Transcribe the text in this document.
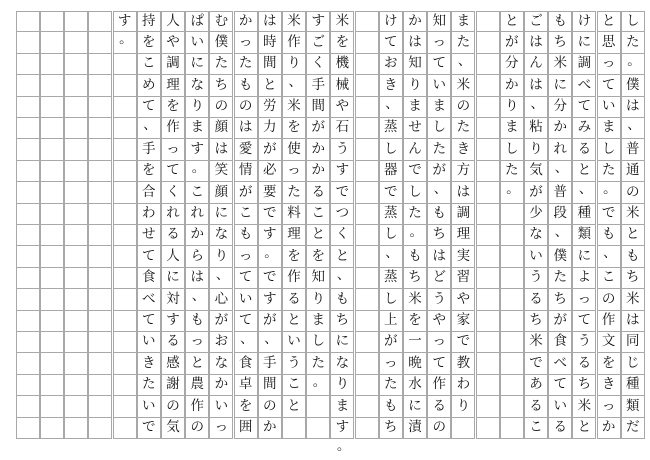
し
た
。
僕
は
、
普
通
の
米
と
も
ち
米
は
同
じ
種
類
だ
と
思
っ
て
い
ま
し
た
。
で
も
、
こ
の
作
文
を
き
っ
か
け
に
調
べ
て
み
る
と
、
種
類
に
よ
っ
て
う
る
ち
米
と
も
ち
米
に
分
か
れ
、
普
段
、
僕
た
ち
が
食
べ
て
い
る
ご
は
ん
は
、
粘
り
気
が
少
な
い
う
る
ち
米
で
あ
る
こ
と
が
分
か
り
ま
し
た
。
ま
た
、
米
の
た
き
方
は
調
理
実
習
や
家
で
教
わ
り
知
っ
て
い
ま
し
た
が
、
も
ち
は
ど
う
や
っ
て
作
る
の
か
は
知
り
ま
せ
ん
で
し
た
。
も
ち
米
を
一
晩
水
に
漬
け
て
お
き
、
蒸
し
器
で
蒸
し
、
蒸
し
上
が
っ
た
も
ち
米
を
機
械
や
石
う
す
で
つ
く
と
、
も
ち
に
な
り
ま
す
。
す
ご
く
手
間
が
か
か
る
こ
と
を
知
り
ま
し
た
。
米
作
り
、
米
を
使
っ
た
料
理
を
作
る
と
い
う
こ
と
は
時
間
と
労
力
が
必
要
で
す
。
で
す
が
、
手
間
の
か
か
っ
た
も
の
は
愛
情
が
こ
も
っ
て
い
て
、
食
卓
を
囲
む
僕
た
ち
の
顔
は
笑
顔
に
な
り
、
心
が
お
な
か
い
っ
ぱ
い
に
な
り
ま
す
。
こ
れ
か
ら
は
、
も
っ
と
農
作
の
人
や
調
理
を
作
っ
て
く
れ
る
人
に
対
す
る
感
謝
の
気
持
を
こ
め
て
、
手
を
合
わ
せ
て
食
べ
て
い
き
た
い
で
す
。
